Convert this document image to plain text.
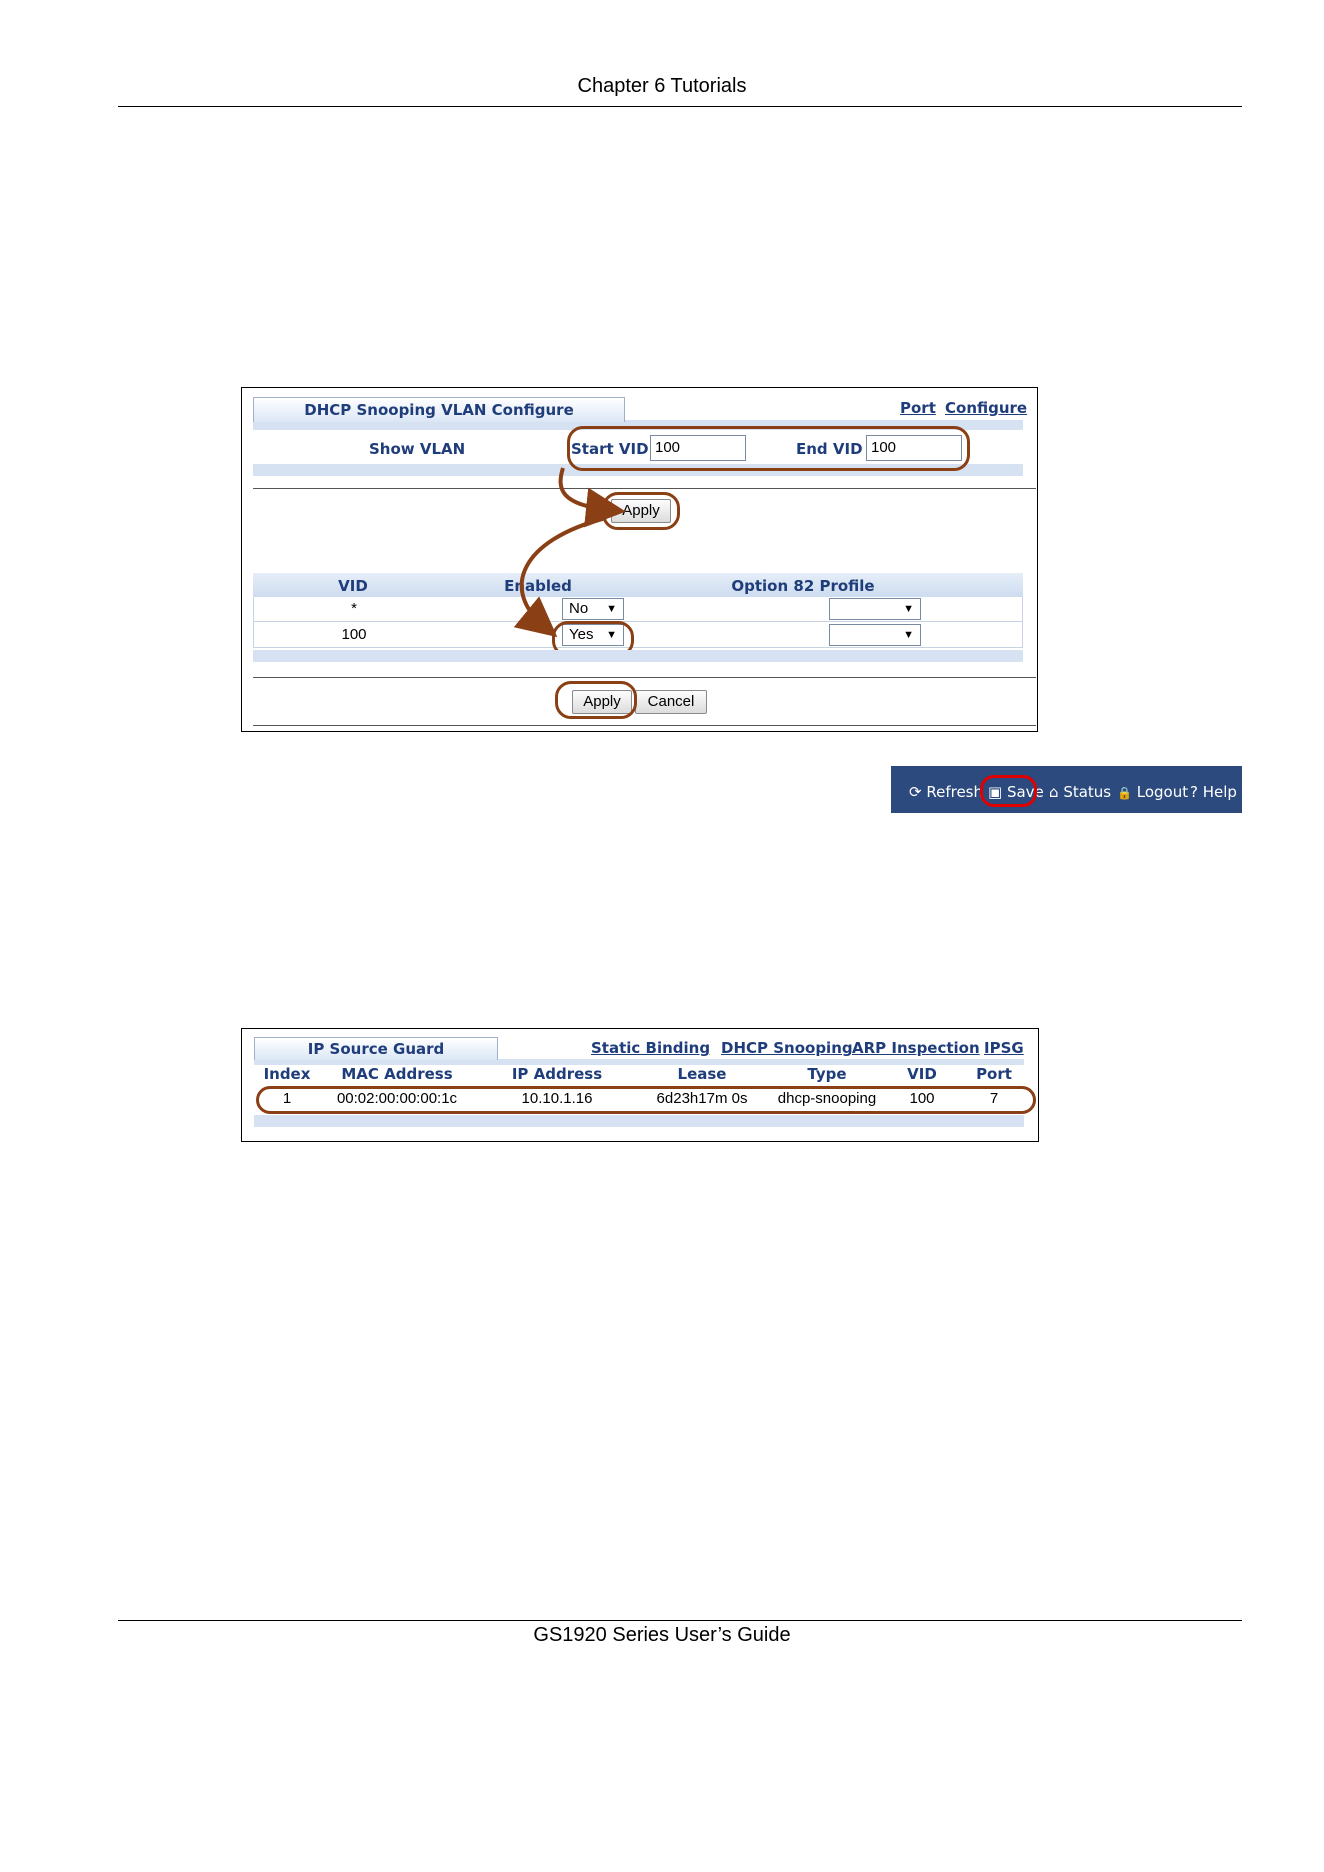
Chapter 6 Tutorials
DHCP Snooping VLAN Configure	Port Configure
Show VLAN	Start VID 100	End VID 100
Apply
VID	Enabled	Option 82 Profile
*	No ▼	▼
100	Yes ▼	▼
Apply	Cancel
⟳ Refresh ▣ Save ⌂ Status 🔒 Logout ? Help
IP Source Guard	Static Binding DHCP Snooping ARP Inspection IPSG
Index	MAC Address	IP Address	Lease	Type	VID	Port
1	00:02:00:00:00:1c	10.10.1.16	6d23h17m 0s	dhcp-snooping	100	7
GS1920 Series User’s Guide
